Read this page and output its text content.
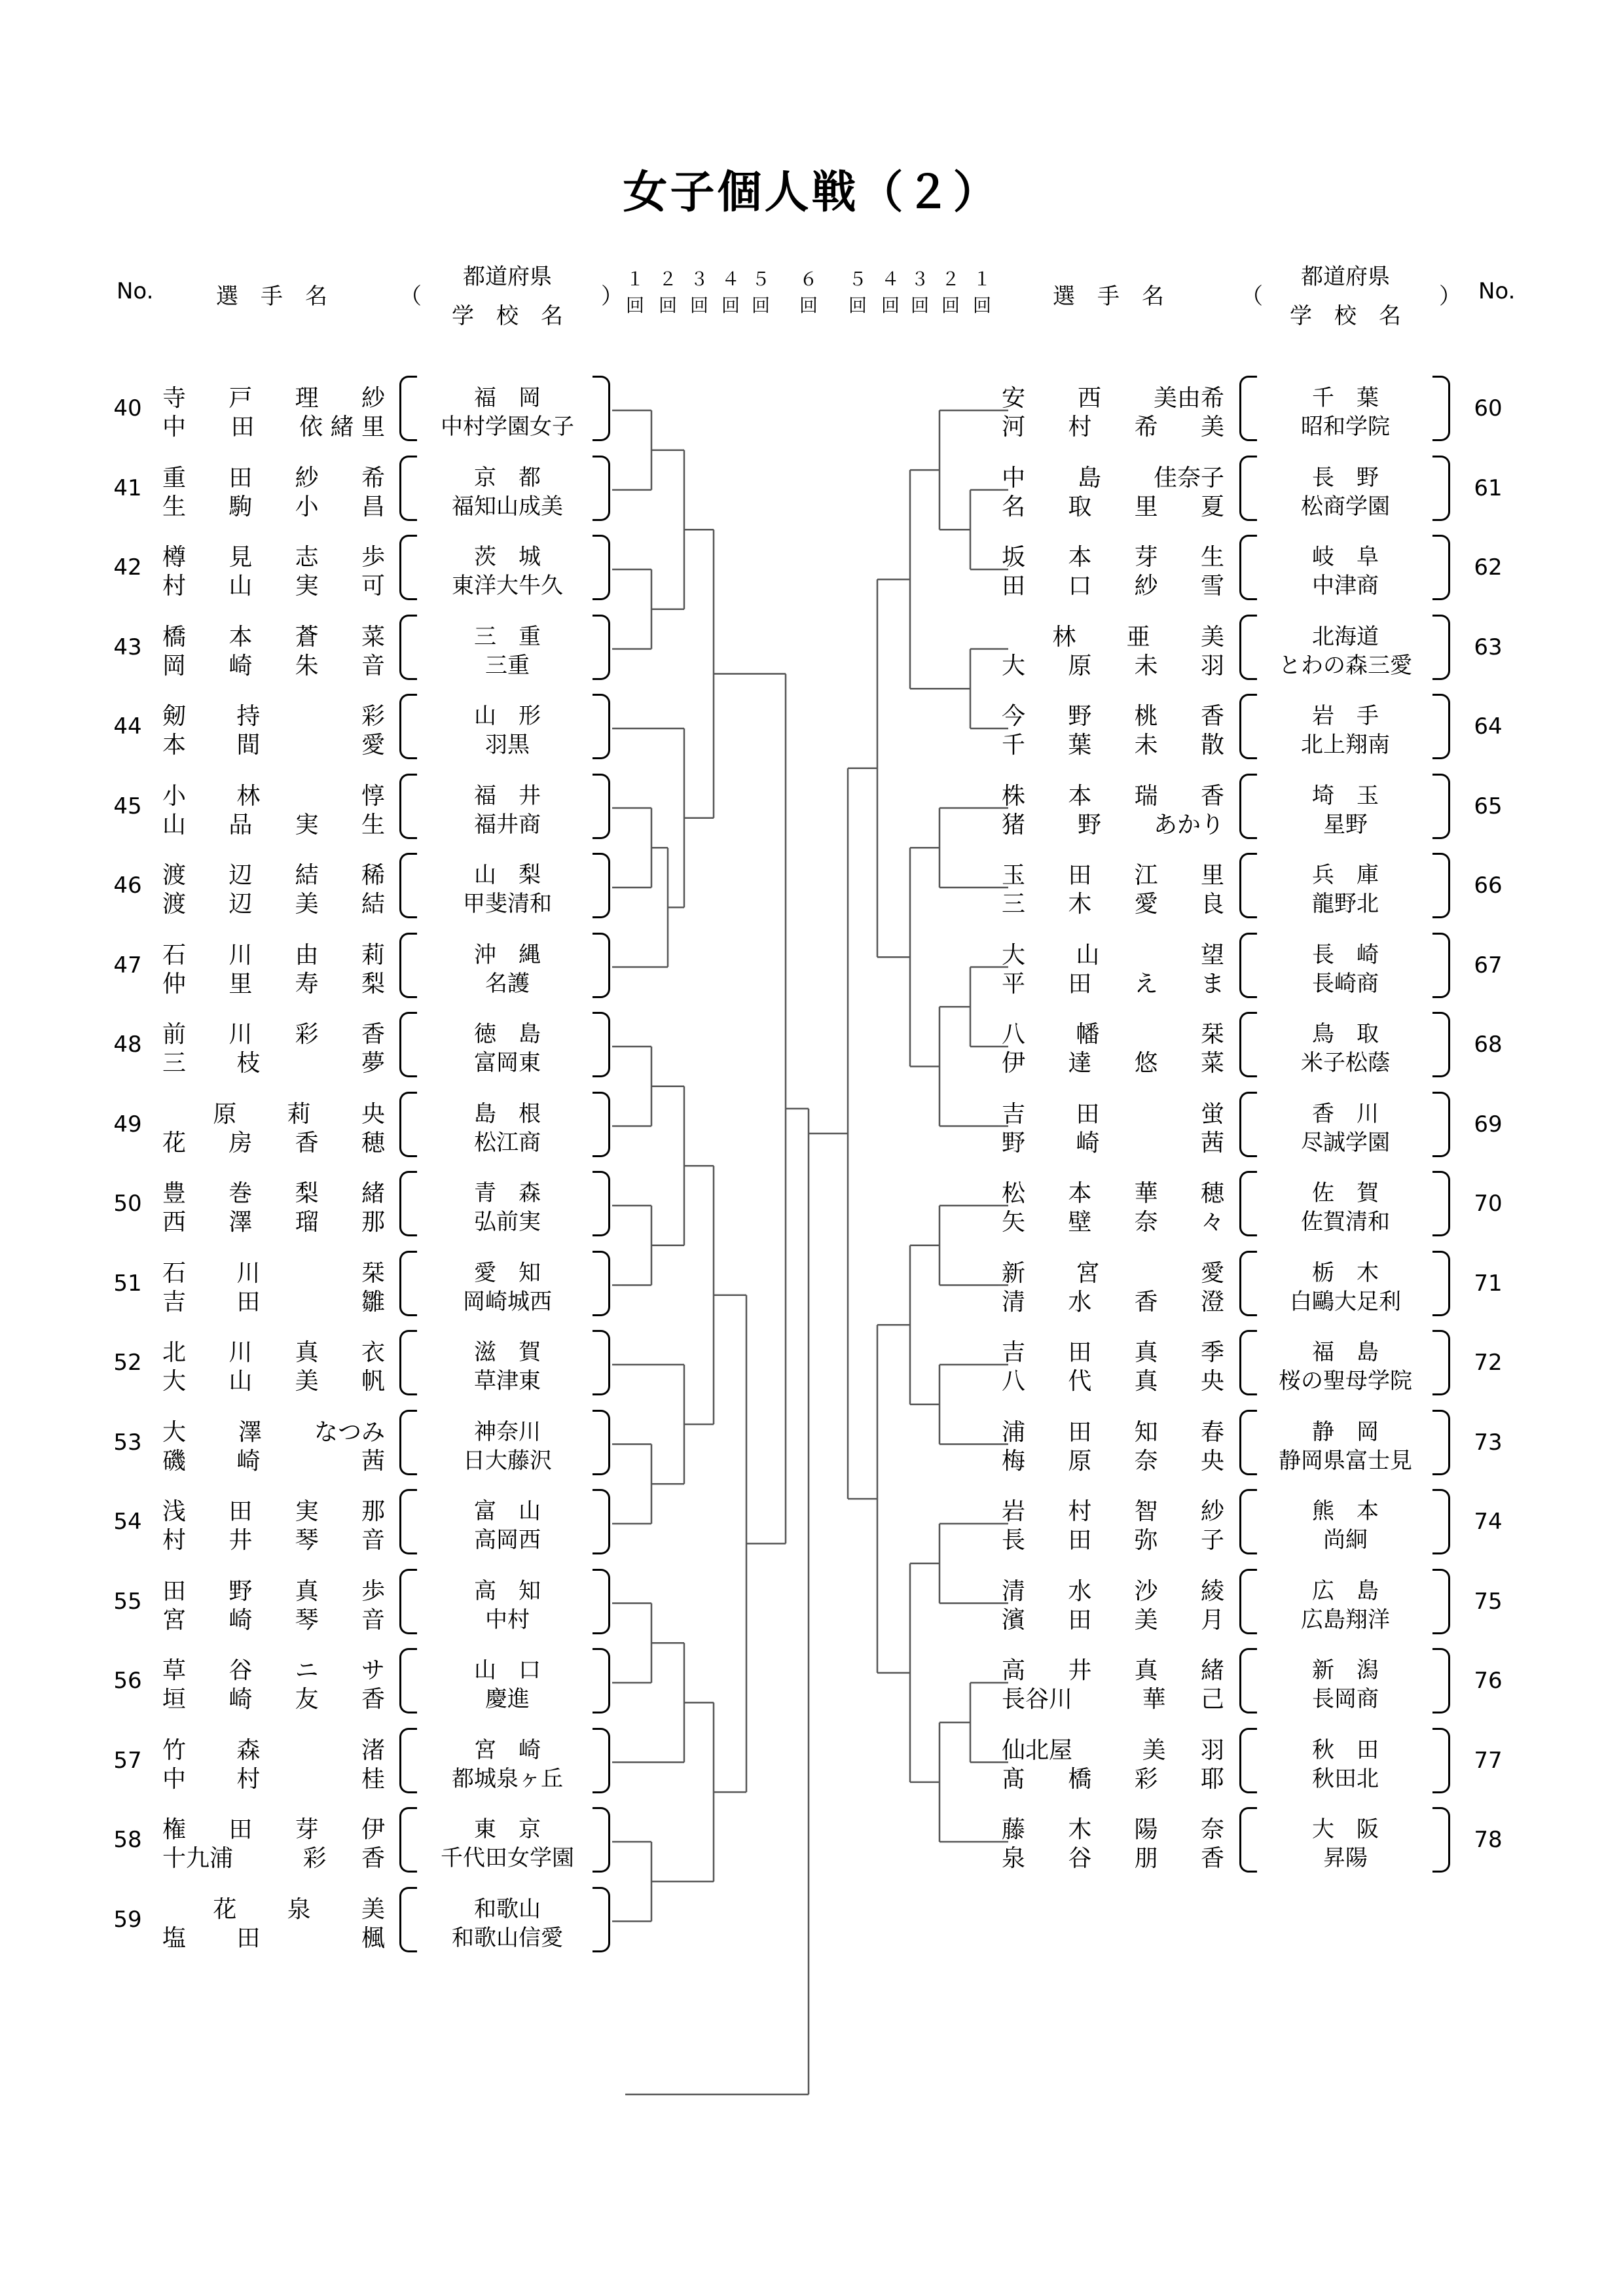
女子個人戦（２）
No.	選　手　名	（
都道府県
学　校　名
）	選　手　名	（
都道府県
学　校　名
） No.
１
回
２
回
３
回
４
回
５
回
６
回
５
回
４
回
３
回
２
回
１
回
40 寺 戸 理 紗
中 田 依 緒 里
福　岡
中村学園女子
41 重 田 紗 希
生 駒 小 昌
京　都
福知山成美
42 樽 見 志 歩
村 山 実 可
茨　城
東洋大牛久
43 橋 本 蒼 菜
岡 崎 朱 音
三　重
三重
44 剱 持	彩
本 間	愛
山　形
羽黒
45 小 林	惇
山 品 実 生
福　井
福井商
46 渡 辺 結 稀
渡 辺 美 結
山　梨
甲斐清和
47 石 川 由 莉
仲 里 寿 梨
沖　縄
名護
48 前 川 彩 香
三 枝	夢
徳　島
富岡東
49	原 莉 央
花 房 香 穂
島　根
松江商
50 豊 巻 梨 緒
西 澤 瑠 那
青　森
弘前実
51 石 川	栞
吉 田	雛
愛　知
岡崎城西
52 北 川 真 衣
大 山 美 帆
滋　賀
草津東
53 大 澤 なつみ
磯 崎	茜
神奈川
日大藤沢
54 浅 田 実 那
村 井 琴 音
富　山
高岡西
55 田 野 真 歩
宮 崎 琴 音
高　知
中村
56 草 谷 ニ サ
垣 崎 友 香
山　口
慶進
57 竹 森	渚
中 村	桂
宮　崎
都城泉ヶ丘
58 権 田 芽 伊
十九浦	彩 香
東　京
千代田女学園
59	花 泉 美
塩 田	楓
和歌山
和歌山信愛
60
安 西 美由希
河 村 希 美
千　葉
昭和学院
61
中 島 佳奈子
名 取 里 夏
長　野
松商学園
62
坂 本 芽 生
田 口 紗 雪
岐　阜
中津商
63
林 亜 美
大 原 未 羽
北海道
とわの森三愛
64
今 野 桃 香
千 葉 未 散
岩　手
北上翔南
65
株 本 瑞 香
猪 野 あかり
埼　玉
星野
66
玉 田 江 里
三 木 愛 良
兵　庫
龍野北
67
大 山	望
平 田 え ま
長　崎
長崎商
68
八 幡	栞
伊 達 悠 菜
鳥　取
米子松蔭
69
吉 田	蛍
野 崎	茜
香　川
尽誠学園
70
松 本 華 穂
矢 壁 奈 々
佐　賀
佐賀清和
71
新 宮	愛
清 水 香 澄
栃　木
白鷗大足利
72
吉 田 真 季
八 代 真 央
福　島
桜の聖母学院
73
浦 田 知 春
梅 原 奈 央
静　岡
静岡県富士見
74
岩 村 智 紗
長 田 弥 子
熊　本
尚絅
75
清 水 沙 綾
濱 田 美 月
広　島
広島翔洋
76
高 井 真 緒
長谷川	華 己
新　潟
長岡商
77
仙北屋	美 羽
髙 橋 彩 耶
秋　田
秋田北
78
藤 木 陽 奈
泉 谷 朋 香
大　阪
昇陽
